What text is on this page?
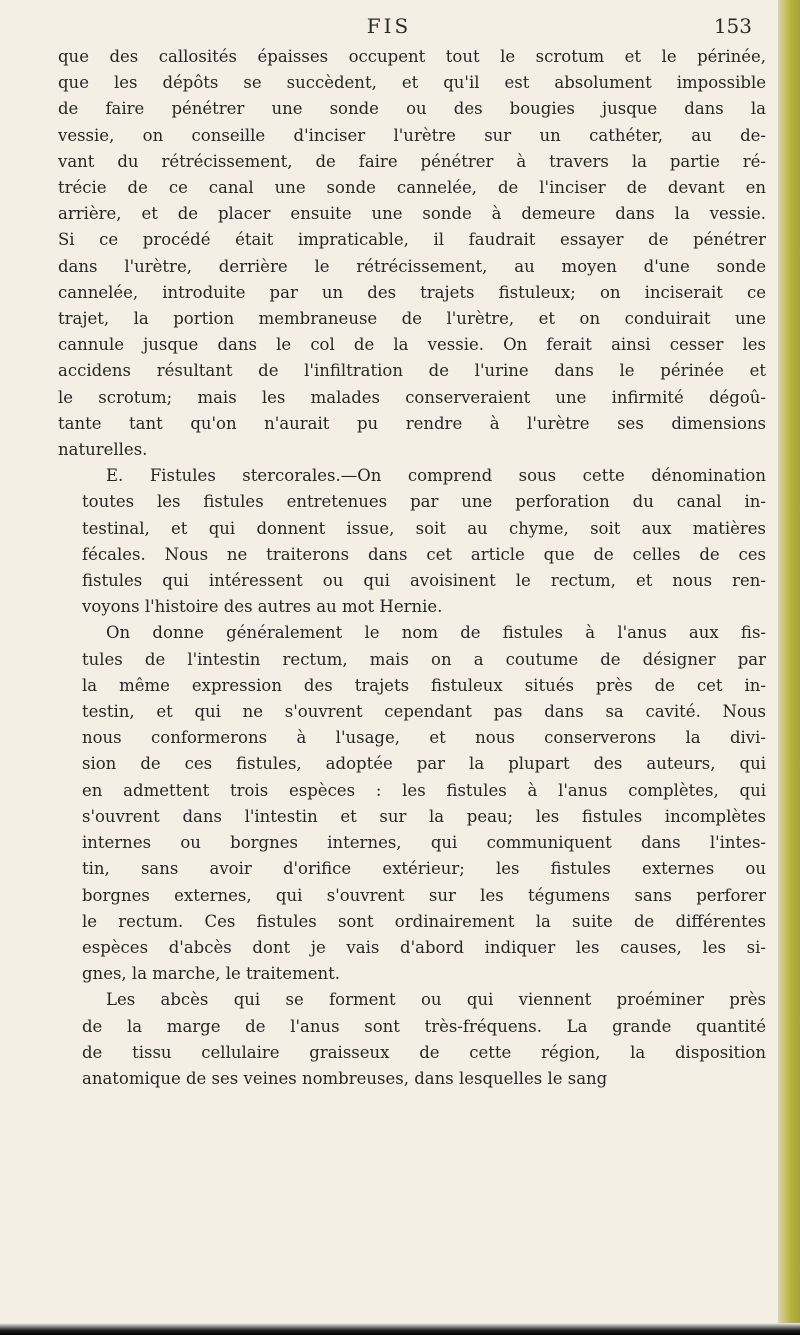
FIS	153

que des callosités épaisses occupent tout le scrotum et le périnée,
que les dépôts se succèdent, et qu'il est absolument impossible
de faire pénétrer une sonde ou des bougies jusque dans la
vessie, on conseille d'inciser l'urètre sur un cathéter, au de-
vant du rétrécissement, de faire pénétrer à travers la partie ré-
trécie de ce canal une sonde cannelée, de l'inciser de devant en
arrière, et de placer ensuite une sonde à demeure dans la vessie.
Si ce procédé était impraticable, il faudrait essayer de pénétrer
dans l'urètre, derrière le rétrécissement, au moyen d'une sonde
cannelée, introduite par un des trajets fistuleux; on inciserait ce
trajet, la portion membraneuse de l'urètre, et on conduirait une
cannule jusque dans le col de la vessie. On ferait ainsi cesser les
accidens résultant de l'infiltration de l'urine dans le périnée et
le scrotum; mais les malades conserveraient une infirmité dégoû-
tante tant qu'on n'aurait pu rendre à l'urètre ses dimensions
naturelles.

E. Fistules stercorales.—On comprend sous cette dénomination
toutes les fistules entretenues par une perforation du canal in-
testinal, et qui donnent issue, soit au chyme, soit aux matières
fécales. Nous ne traiterons dans cet article que de celles de ces
fistules qui intéressent ou qui avoisinent le rectum, et nous ren-
voyons l'histoire des autres au mot Hernie.

On donne généralement le nom de fistules à l'anus aux fis-
tules de l'intestin rectum, mais on a coutume de désigner par
la même expression des trajets fistuleux situés près de cet in-
testin, et qui ne s'ouvrent cependant pas dans sa cavité. Nous
nous conformerons à l'usage, et nous conserverons la divi-
sion de ces fistules, adoptée par la plupart des auteurs, qui
en admettent trois espèces : les fistules à l'anus complètes, qui
s'ouvrent dans l'intestin et sur la peau; les fistules incomplètes
internes ou borgnes internes, qui communiquent dans l'intes-
tin, sans avoir d'orifice extérieur; les fistules externes ou
borgnes externes, qui s'ouvrent sur les tégumens sans perforer
le rectum. Ces fistules sont ordinairement la suite de différentes
espèces d'abcès dont je vais d'abord indiquer les causes, les si-
gnes, la marche, le traitement.

Les abcès qui se forment ou qui viennent proéminer près
de la marge de l'anus sont très-fréquens. La grande quantité
de tissu cellulaire graisseux de cette région, la disposition
anatomique de ses veines nombreuses, dans lesquelles le sang
